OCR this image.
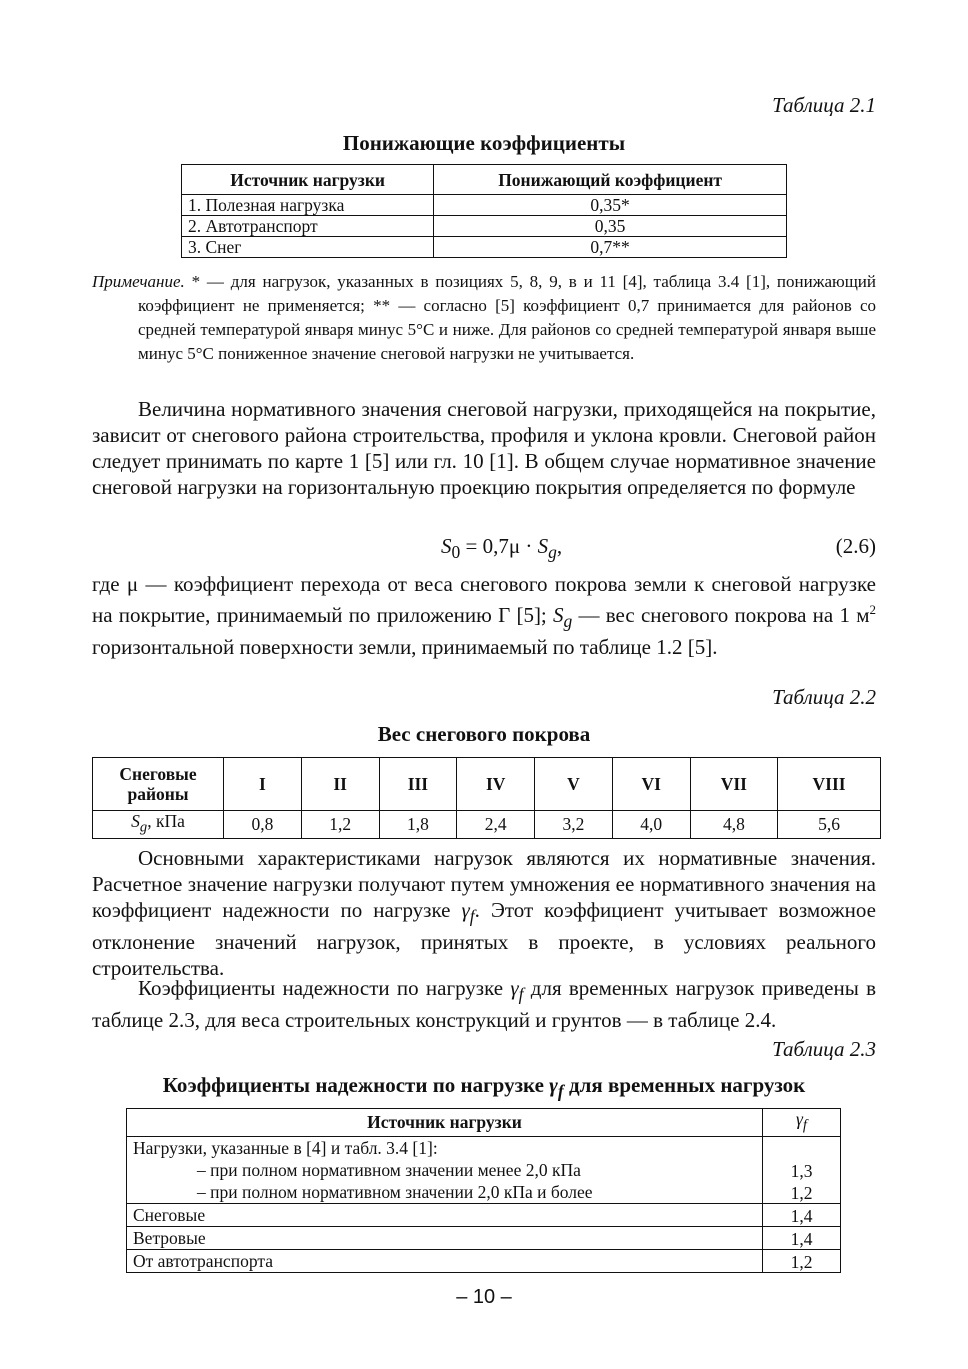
Таблица 2.1
Понижающие коэффициенты
Источник нагрузки	Понижающий коэффициент
1. Полезная нагрузка	0,35*
2. Автотранспорт	0,35
3. Снег	0,7**

Примечание. * — для нагрузок, указанных в позициях 5, 8, 9, в и 11 [4], таблица 3.4 [1], понижающий коэффициент не применяется; ** — согласно [5] коэффициент 0,7 принимается для районов со средней температурой января минус 5°С и ниже. Для районов со средней температурой января выше минус 5°С пониженное значение снеговой нагрузки не учитывается.

Величина нормативного значения снеговой нагрузки, приходящейся на покрытие, зависит от снегового района строительства, профиля и уклона кровли. Снеговой район следует принимать по карте 1 [5] или гл. 10 [1]. В общем случае нормативное значение снеговой нагрузки на горизонтальную проекцию покрытия определяется по формуле

$S_0 = 0,7\mu \cdot S_g$,	(2.6)

где μ — коэффициент перехода от веса снегового покрова земли к снеговой нагрузке на покрытие, принимаемый по приложению Г [5]; $S_g$ — вес снегового покрова на 1 $м^2$ горизонтальной поверхности земли, принимаемый по таблице 1.2 [5].

Таблица 2.2
Вес снегового покрова
Снеговые районы	I	II	III	IV	V	VI	VII	VIII
$S_g$, кПа	0,8	1,2	1,8	2,4	3,2	4,0	4,8	5,6

Основными характеристиками нагрузок являются их нормативные значения. Расчетное значение нагрузки получают путем умножения ее нормативного значения на коэффициент надежности по нагрузке $\gamma_f$. Этот коэффициент учитывает возможное отклонение значений нагрузок, принятых в проекте, в условиях реального строительства.

Коэффициенты надежности по нагрузке $\gamma_f$ для временных нагрузок приведены в таблице 2.3, для веса строительных конструкций и грунтов — в таблице 2.4.

Таблица 2.3
Коэффициенты надежности по нагрузке $\gamma_f$ для временных нагрузок
Источник нагрузки	$\gamma_f$
Нагрузки, указанные в [4] и табл. 3.4 [1]:	
– при полном нормативном значении менее 2,0 кПа	1,3
– при полном нормативном значении 2,0 кПа и более	1,2
Снеговые	1,4
Ветровые	1,4
От автотранспорта	1,2
– 10 –
